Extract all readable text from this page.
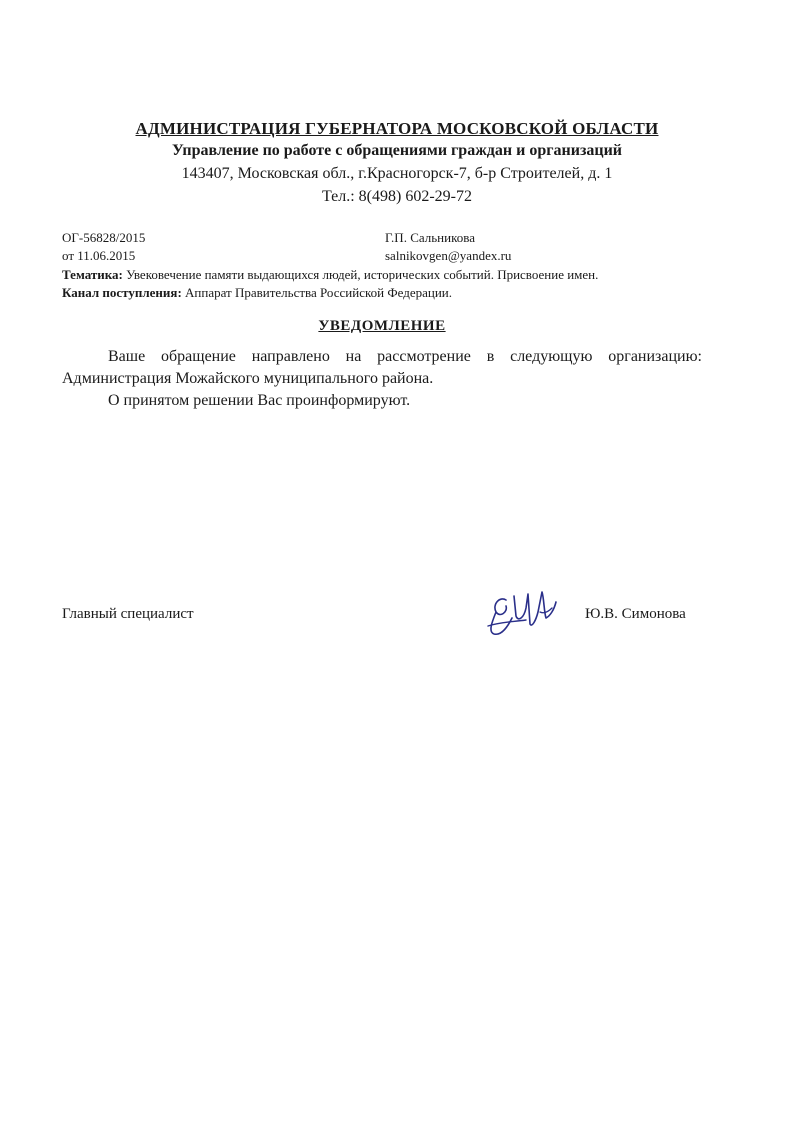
АДМИНИСТРАЦИЯ ГУБЕРНАТОРА МОСКОВСКОЙ ОБЛАСТИ
Управление по работе с обращениями граждан и организаций
143407, Московская обл., г.Красногорск-7, б-р Строителей, д. 1
Тел.: 8(498) 602-29-72
ОГ-56828/2015
от 11.06.2015
Г.П. Сальникова
salnikovgen@yandex.ru
Тематика: Увековечение памяти выдающихся людей, исторических событий. Присвоение имен.
Канал поступления: Аппарат Правительства Российской Федерации.
УВЕДОМЛЕНИЕ

Ваше обращение направлено на рассмотрение в следующую организацию: Администрация Можайского муниципального района.

О принятом решении Вас проинформируют.

Главный специалист	Ю.В. Симонова
